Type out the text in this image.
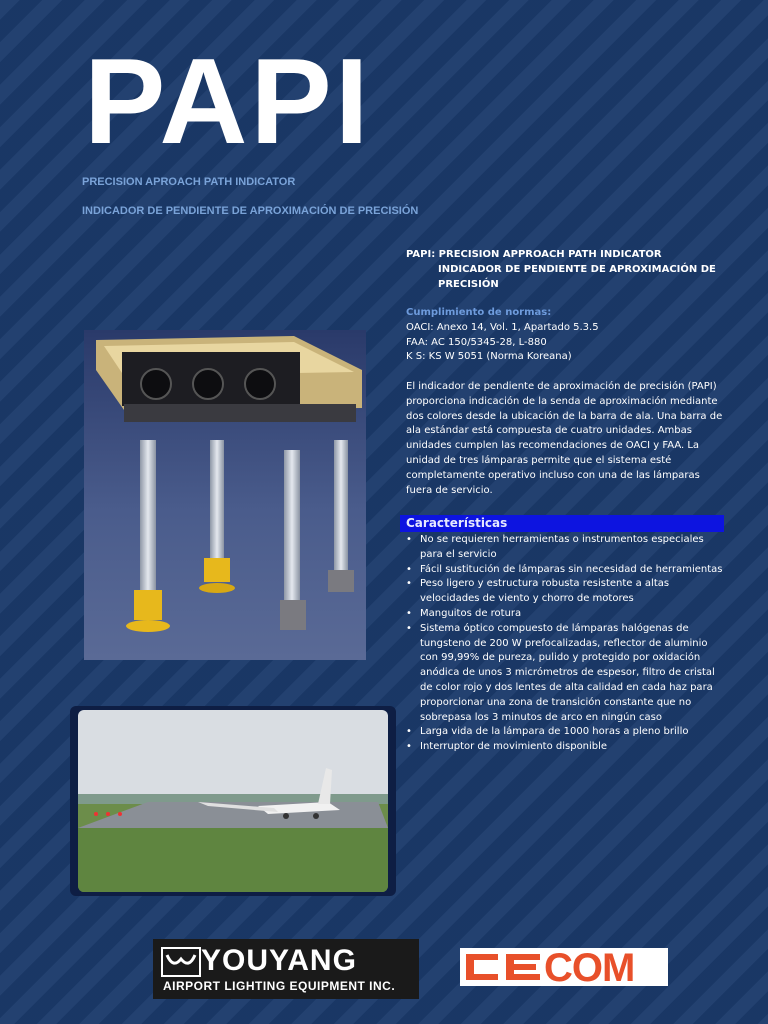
PAPI
PRECISION APROACH PATH INDICATOR
INDICADOR DE PENDIENTE DE APROXIMACIÓN DE PRECISIÓN
PAPI: PRECISION APPROACH PATH INDICATOR
INDICADOR DE PENDIENTE DE APROXIMACIÓN DE
PRECISIÓN
Cumplimiento de normas:
OACI: Anexo 14, Vol. 1, Apartado 5.3.5
FAA: AC 150/5345-28, L-880
K S: KS W 5051 (Norma Koreana)
El indicador de pendiente de aproximación de precisión (PAPI) proporciona indicación de la senda de aproximación mediante dos colores desde la ubicación de la barra de ala. Una barra de ala estándar está compuesta de cuatro unidades. Ambas unidades cumplen las recomendaciones de OACI y FAA. La unidad de tres lámparas permite que el sistema esté completamente operativo incluso con una de las lámparas fuera de servicio.
Características
• No se requieren herramientas o instrumentos especiales para el servicio
• Fácil sustitución de lámparas sin necesidad de herramientas
• Peso ligero y estructura robusta resistente a altas velocidades de viento y chorro de motores
• Manguitos de rotura
• Sistema óptico compuesto de lámparas halógenas de tungsteno de 200 W prefocalizadas, reflector de aluminio con 99,99% de pureza, pulido y protegido por oxidación anódica de unos 3 micrómetros de espesor, filtro de cristal de color rojo y dos lentes de alta calidad en cada haz para proporcionar una zona de transición constante que no sobrepasa los 3 minutos de arco en ningún caso
• Larga vida de la lámpara de 1000 horas a pleno brillo
• Interruptor de movimiento disponible
YOUYANG
AIRPORT LIGHTING EQUIPMENT INC.	COM
